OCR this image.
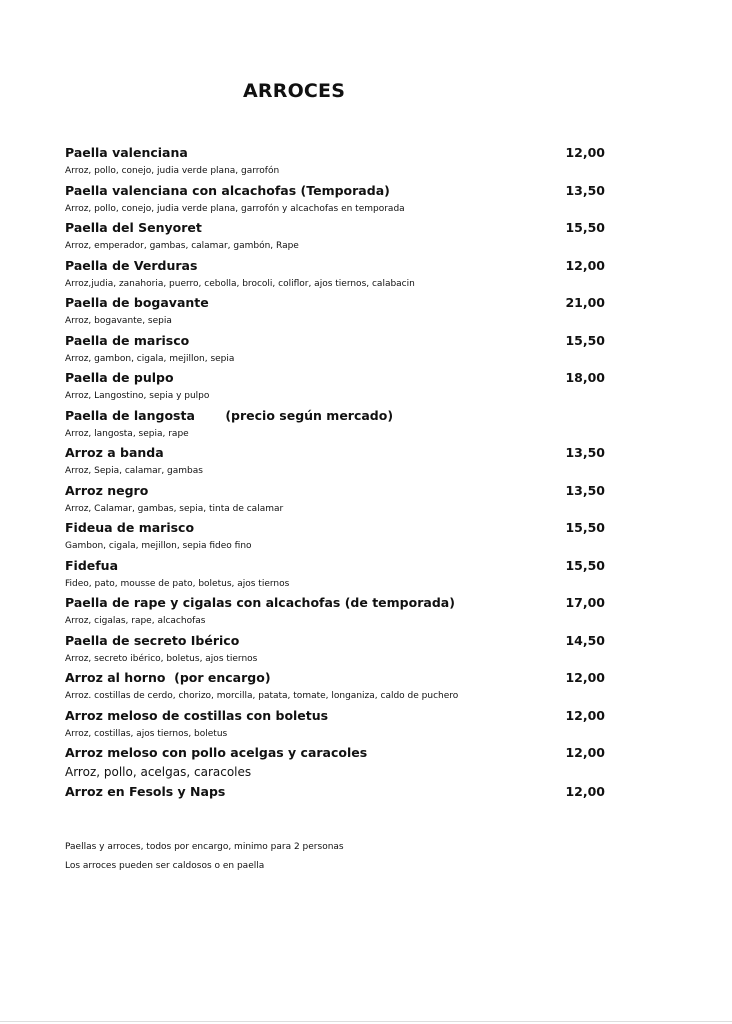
ARROCES
Paella valenciana	12,00
Arroz, pollo, conejo, judia verde plana, garrofón
Paella valenciana con alcachofas (Temporada)	13,50
Arroz, pollo, conejo, judia verde plana, garrofón y alcachofas en temporada
Paella del Senyoret	15,50
Arroz, emperador, gambas, calamar, gambón, Rape
Paella de Verduras	12,00
Arroz,judia, zanahoria, puerro, cebolla, brocoli, coliflor, ajos tiernos, calabacin
Paella de bogavante	21,00
Arroz, bogavante, sepia
Paella de marisco	15,50
Arroz, gambon, cigala, mejillon, sepia
Paella de pulpo	18,00
Arroz, Langostino, sepia y pulpo
Paella de langosta       (precio según mercado)
Arroz, langosta, sepia, rape
Arroz a banda	13,50
Arroz, Sepia, calamar, gambas
Arroz negro	13,50
Arroz, Calamar, gambas, sepia, tinta de calamar
Fideua de marisco	15,50
Gambon, cigala, mejillon, sepia fideo fino
Fidefua	15,50
Fideo, pato, mousse de pato, boletus, ajos tiernos
Paella de rape y cigalas con alcachofas (de temporada)	17,00
Arroz, cigalas, rape, alcachofas
Paella de secreto Ibérico	14,50
Arroz, secreto ibérico, boletus, ajos tiernos
Arroz al horno  (por encargo)	12,00
Arroz. costillas de cerdo, chorizo, morcilla, patata, tomate, longaniza, caldo de puchero
Arroz meloso de costillas con boletus	12,00
Arroz, costillas, ajos tiernos, boletus
Arroz meloso con pollo acelgas y caracoles	12,00
Arroz, pollo, acelgas, caracoles
Arroz en Fesols y Naps	12,00
Paellas y arroces, todos por encargo, minimo para 2 personas
Los arroces pueden ser caldosos o en paella
